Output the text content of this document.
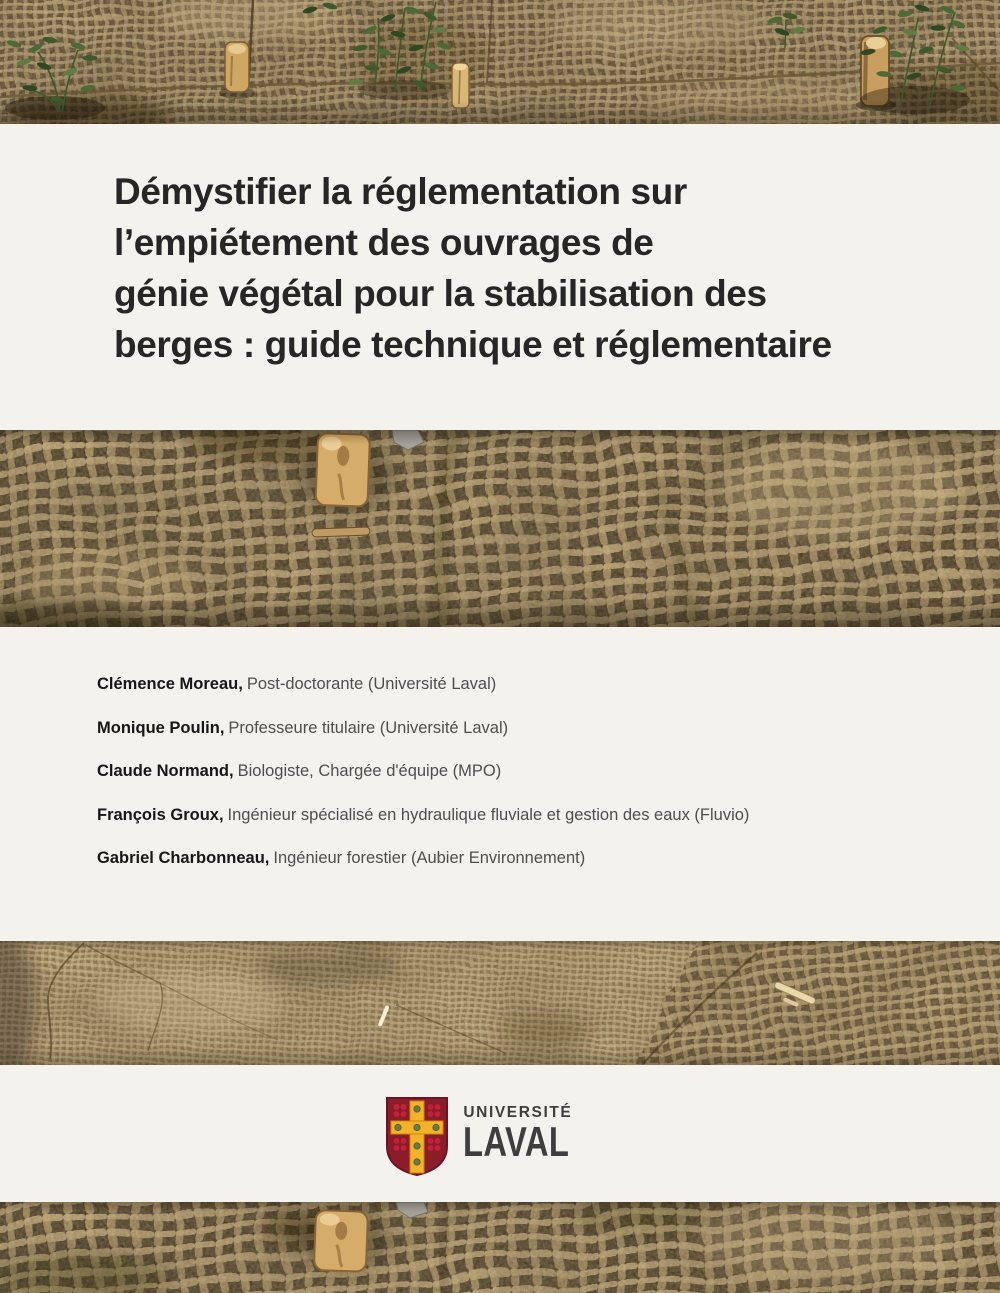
Démystifier la réglementation sur
l’empiétement des ouvrages de
génie végétal pour la stabilisation des
berges : guide technique et réglementaire
Clémence Moreau, Post-doctorante (Université Laval)
Monique Poulin, Professeure titulaire (Université Laval)
Claude Normand, Biologiste, Chargée d'équipe (MPO)
François Groux, Ingénieur spécialisé en hydraulique fluviale et gestion des eaux (Fluvio)
Gabriel Charbonneau, Ingénieur forestier (Aubier Environnement)
UNIVERSITÉ
LAVAL
